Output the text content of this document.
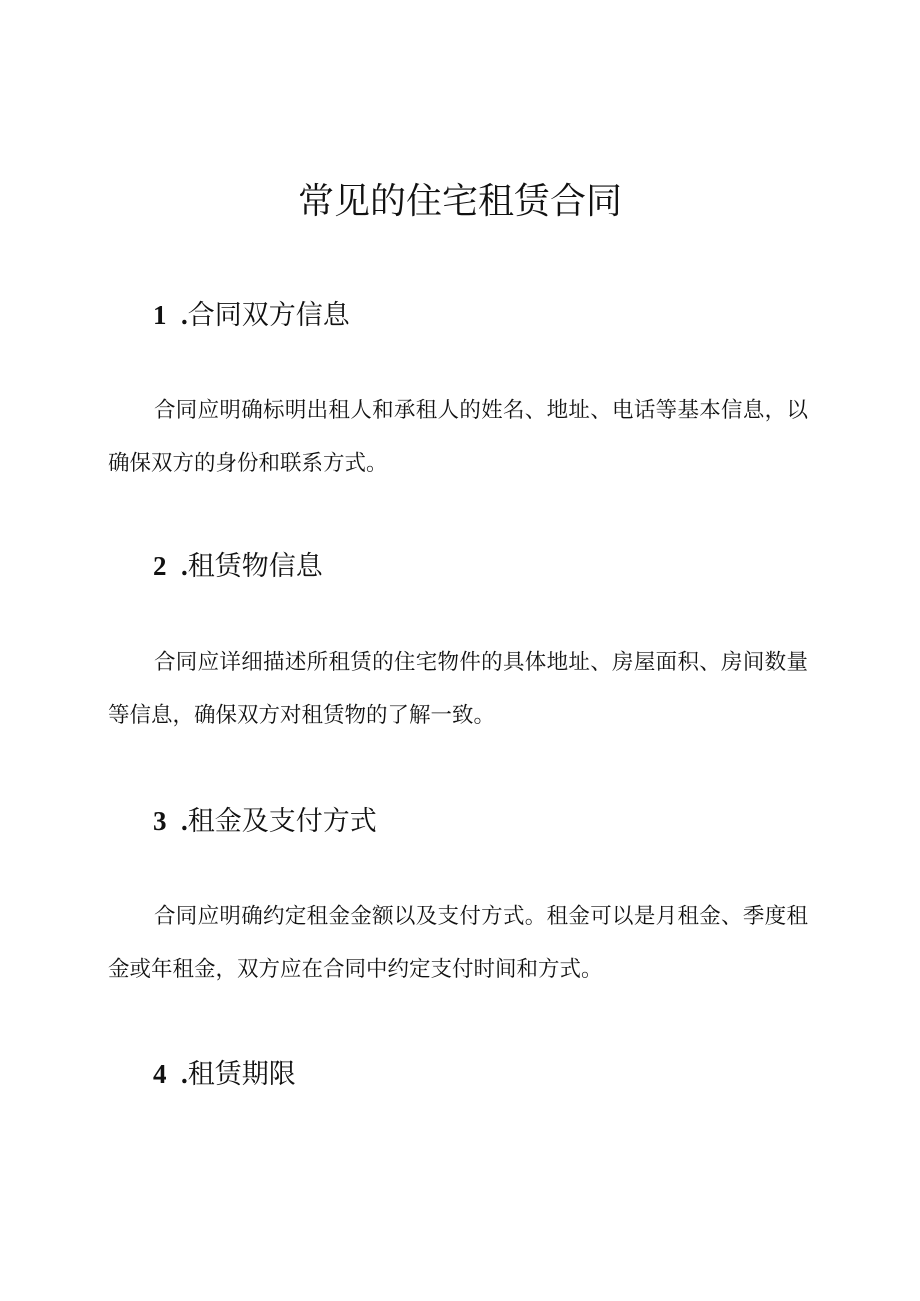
常见的住宅租赁合同
1 .合同双方信息
合同应明确标明出租人和承租人的姓名、地址、电话等基本信息，以确保双方的身份和联系方式。
2 .租赁物信息
合同应详细描述所租赁的住宅物件的具体地址、房屋面积、房间数量等信息，确保双方对租赁物的了解一致。
3 .租金及支付方式
合同应明确约定租金金额以及支付方式。租金可以是月租金、季度租金或年租金，双方应在合同中约定支付时间和方式。
4 .租赁期限
